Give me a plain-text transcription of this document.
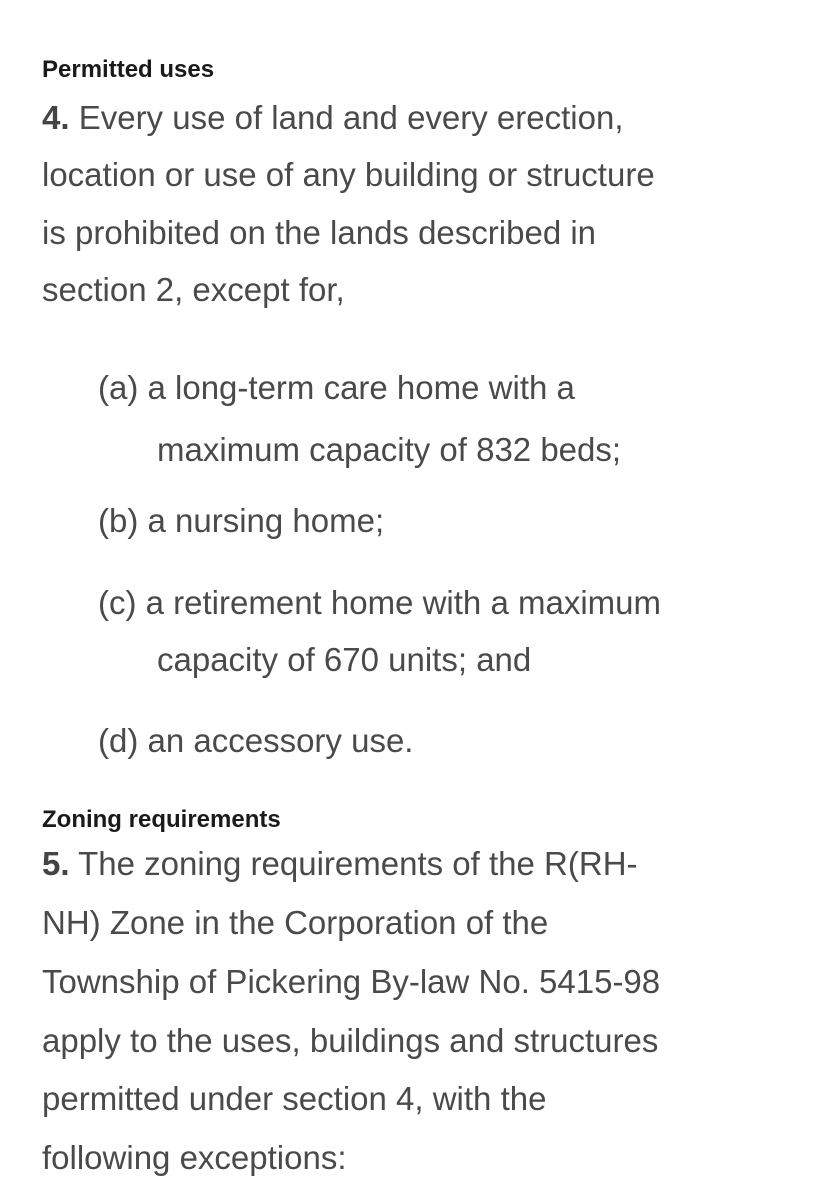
Permitted uses
4. Every use of land and every erection,
location or use of any building or structure
is prohibited on the lands described in
section 2, except for,
(a) a long-term care home with a
maximum capacity of 832 beds;
(b) a nursing home;
(c) a retirement home with a maximum
capacity of 670 units; and
(d) an accessory use.
Zoning requirements
5. The zoning requirements of the R(RH-
NH) Zone in the Corporation of the
Township of Pickering By-law No. 5415-98
apply to the uses, buildings and structures
permitted under section 4, with the
following exceptions:
